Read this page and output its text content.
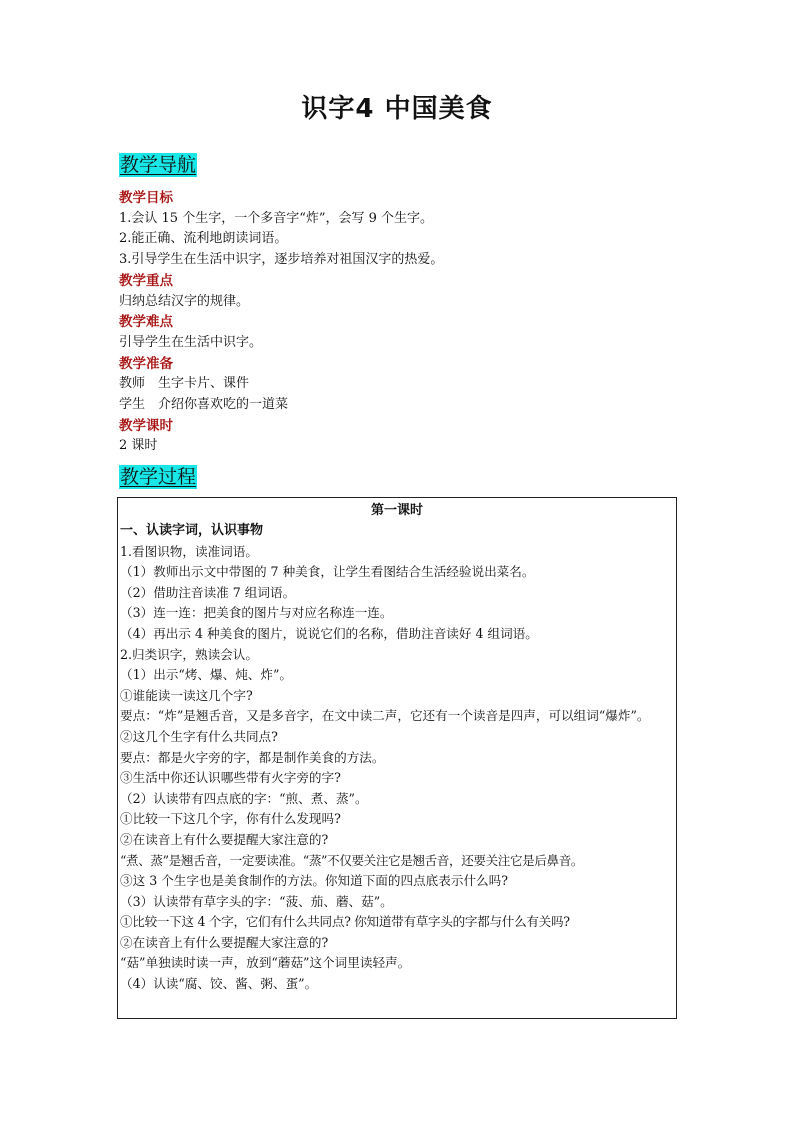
识字4 中国美食
教学导航
教学目标
1.会认 15 个生字，一个多音字“炸”，会写 9 个生字。
2.能正确、流利地朗读词语。
3.引导学生在生活中识字，逐步培养对祖国汉字的热爱。
教学重点
归纳总结汉字的规律。
教学难点
引导学生在生活中识字。
教学准备
教师　生字卡片、课件
学生　介绍你喜欢吃的一道菜
教学课时
2 课时
教学过程
第一课时
一、认读字词，认识事物
1.看图识物，读准词语。
（1）教师出示文中带图的 7 种美食，让学生看图结合生活经验说出菜名。
（2）借助注音读准 7 组词语。
（3）连一连：把美食的图片与对应名称连一连。
（4）再出示 4 种美食的图片，说说它们的名称，借助注音读好 4 组词语。
2.归类识字，熟读会认。
（1）出示“烤、爆、炖、炸”。
①谁能读一读这几个字?
要点：“炸”是翘舌音，又是多音字，在文中读二声，它还有一个读音是四声，可以组词“爆炸”。
②这几个生字有什么共同点?
要点：都是火字旁的字，都是制作美食的方法。
③生活中你还认识哪些带有火字旁的字?
（2）认读带有四点底的字：“煎、煮、蒸”。
①比较一下这几个字，你有什么发现吗?
②在读音上有什么要提醒大家注意的?
“煮、蒸”是翘舌音，一定要读准。“蒸”不仅要关注它是翘舌音，还要关注它是后鼻音。
③这 3 个生字也是美食制作的方法。你知道下面的四点底表示什么吗?
（3）认读带有草字头的字：“菠、茄、蘑、菇”。
①比较一下这 4 个字，它们有什么共同点? 你知道带有草字头的字都与什么有关吗?
②在读音上有什么要提醒大家注意的?
“菇”单独读时读一声，放到“蘑菇”这个词里读轻声。
（4）认读“腐、饺、酱、粥、蛋”。
